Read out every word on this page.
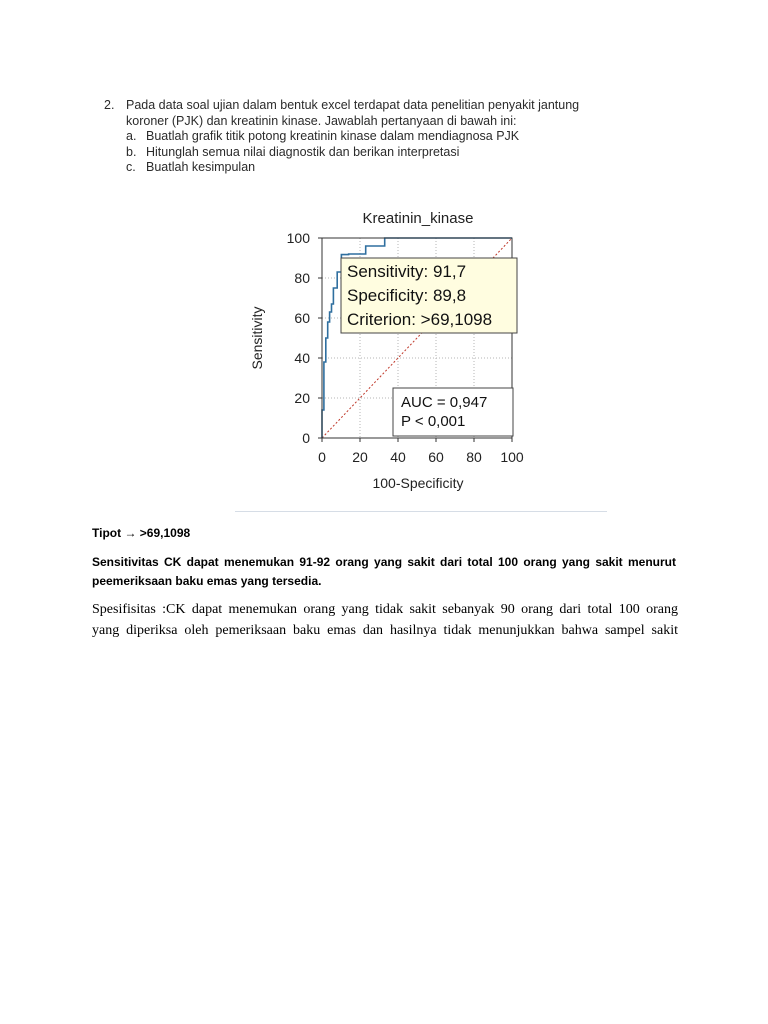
2. Pada data soal ujian dalam bentuk excel terdapat data penelitian penyakit jantung
koroner (PJK) dan kreatinin kinase. Jawablah pertanyaan di bawah ini:
a. Buatlah grafik titik potong kreatinin kinase dalam mendiagnosa PJK
b. Hitunglah semua nilai diagnostik dan berikan interpretasi
c. Buatlah kesimpulan
Kreatinin_kinase
0
20
40
60
80
100
0 20 40 60 80 100
Sensitivity
100-Specificity
Sensitivity: 91,7
Specificity: 89,8
Criterion: >69,1098
AUC = 0,947
P < 0,001
Tipot → >69,1098
Sensitivitas CK dapat menemukan 91-92 orang yang sakit dari total 100 orang yang sakit menurut
peemeriksaan baku emas yang tersedia.
Spesifisitas :CK dapat menemukan orang yang tidak sakit sebanyak 90 orang dari total 100 orang
yang diperiksa oleh pemeriksaan baku emas dan hasilnya tidak menunjukkan bahwa sampel sakit
